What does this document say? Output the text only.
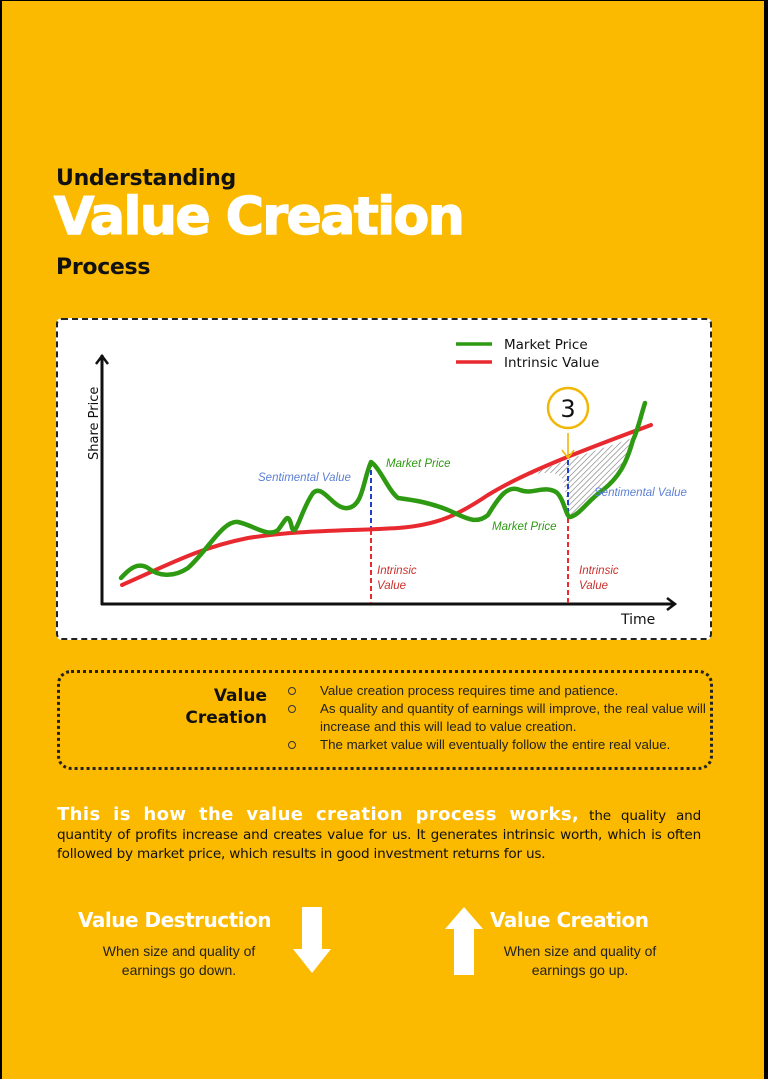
Understanding
Value Creation
Process
Share Price
Time
3
Market Price
Intrinsic Value
Sentimental Value
Market Price
Intrinsic
Value
Market Price
Sentimental Value
Intrinsic
Value
Value
Creation
Value creation process requires time and patience.
As quality and quantity of earnings will improve, the real value will increase and this will lead to value creation.
The market value will eventually follow the entire real value.
This is how the value creation process works, the quality and quantity of profits increase and creates value for us. It generates intrinsic worth, which is often followed by market price, which results in good investment returns for us.
Value Destruction
When size and quality of earnings go down.
Value Creation
When size and quality of earnings go up.
